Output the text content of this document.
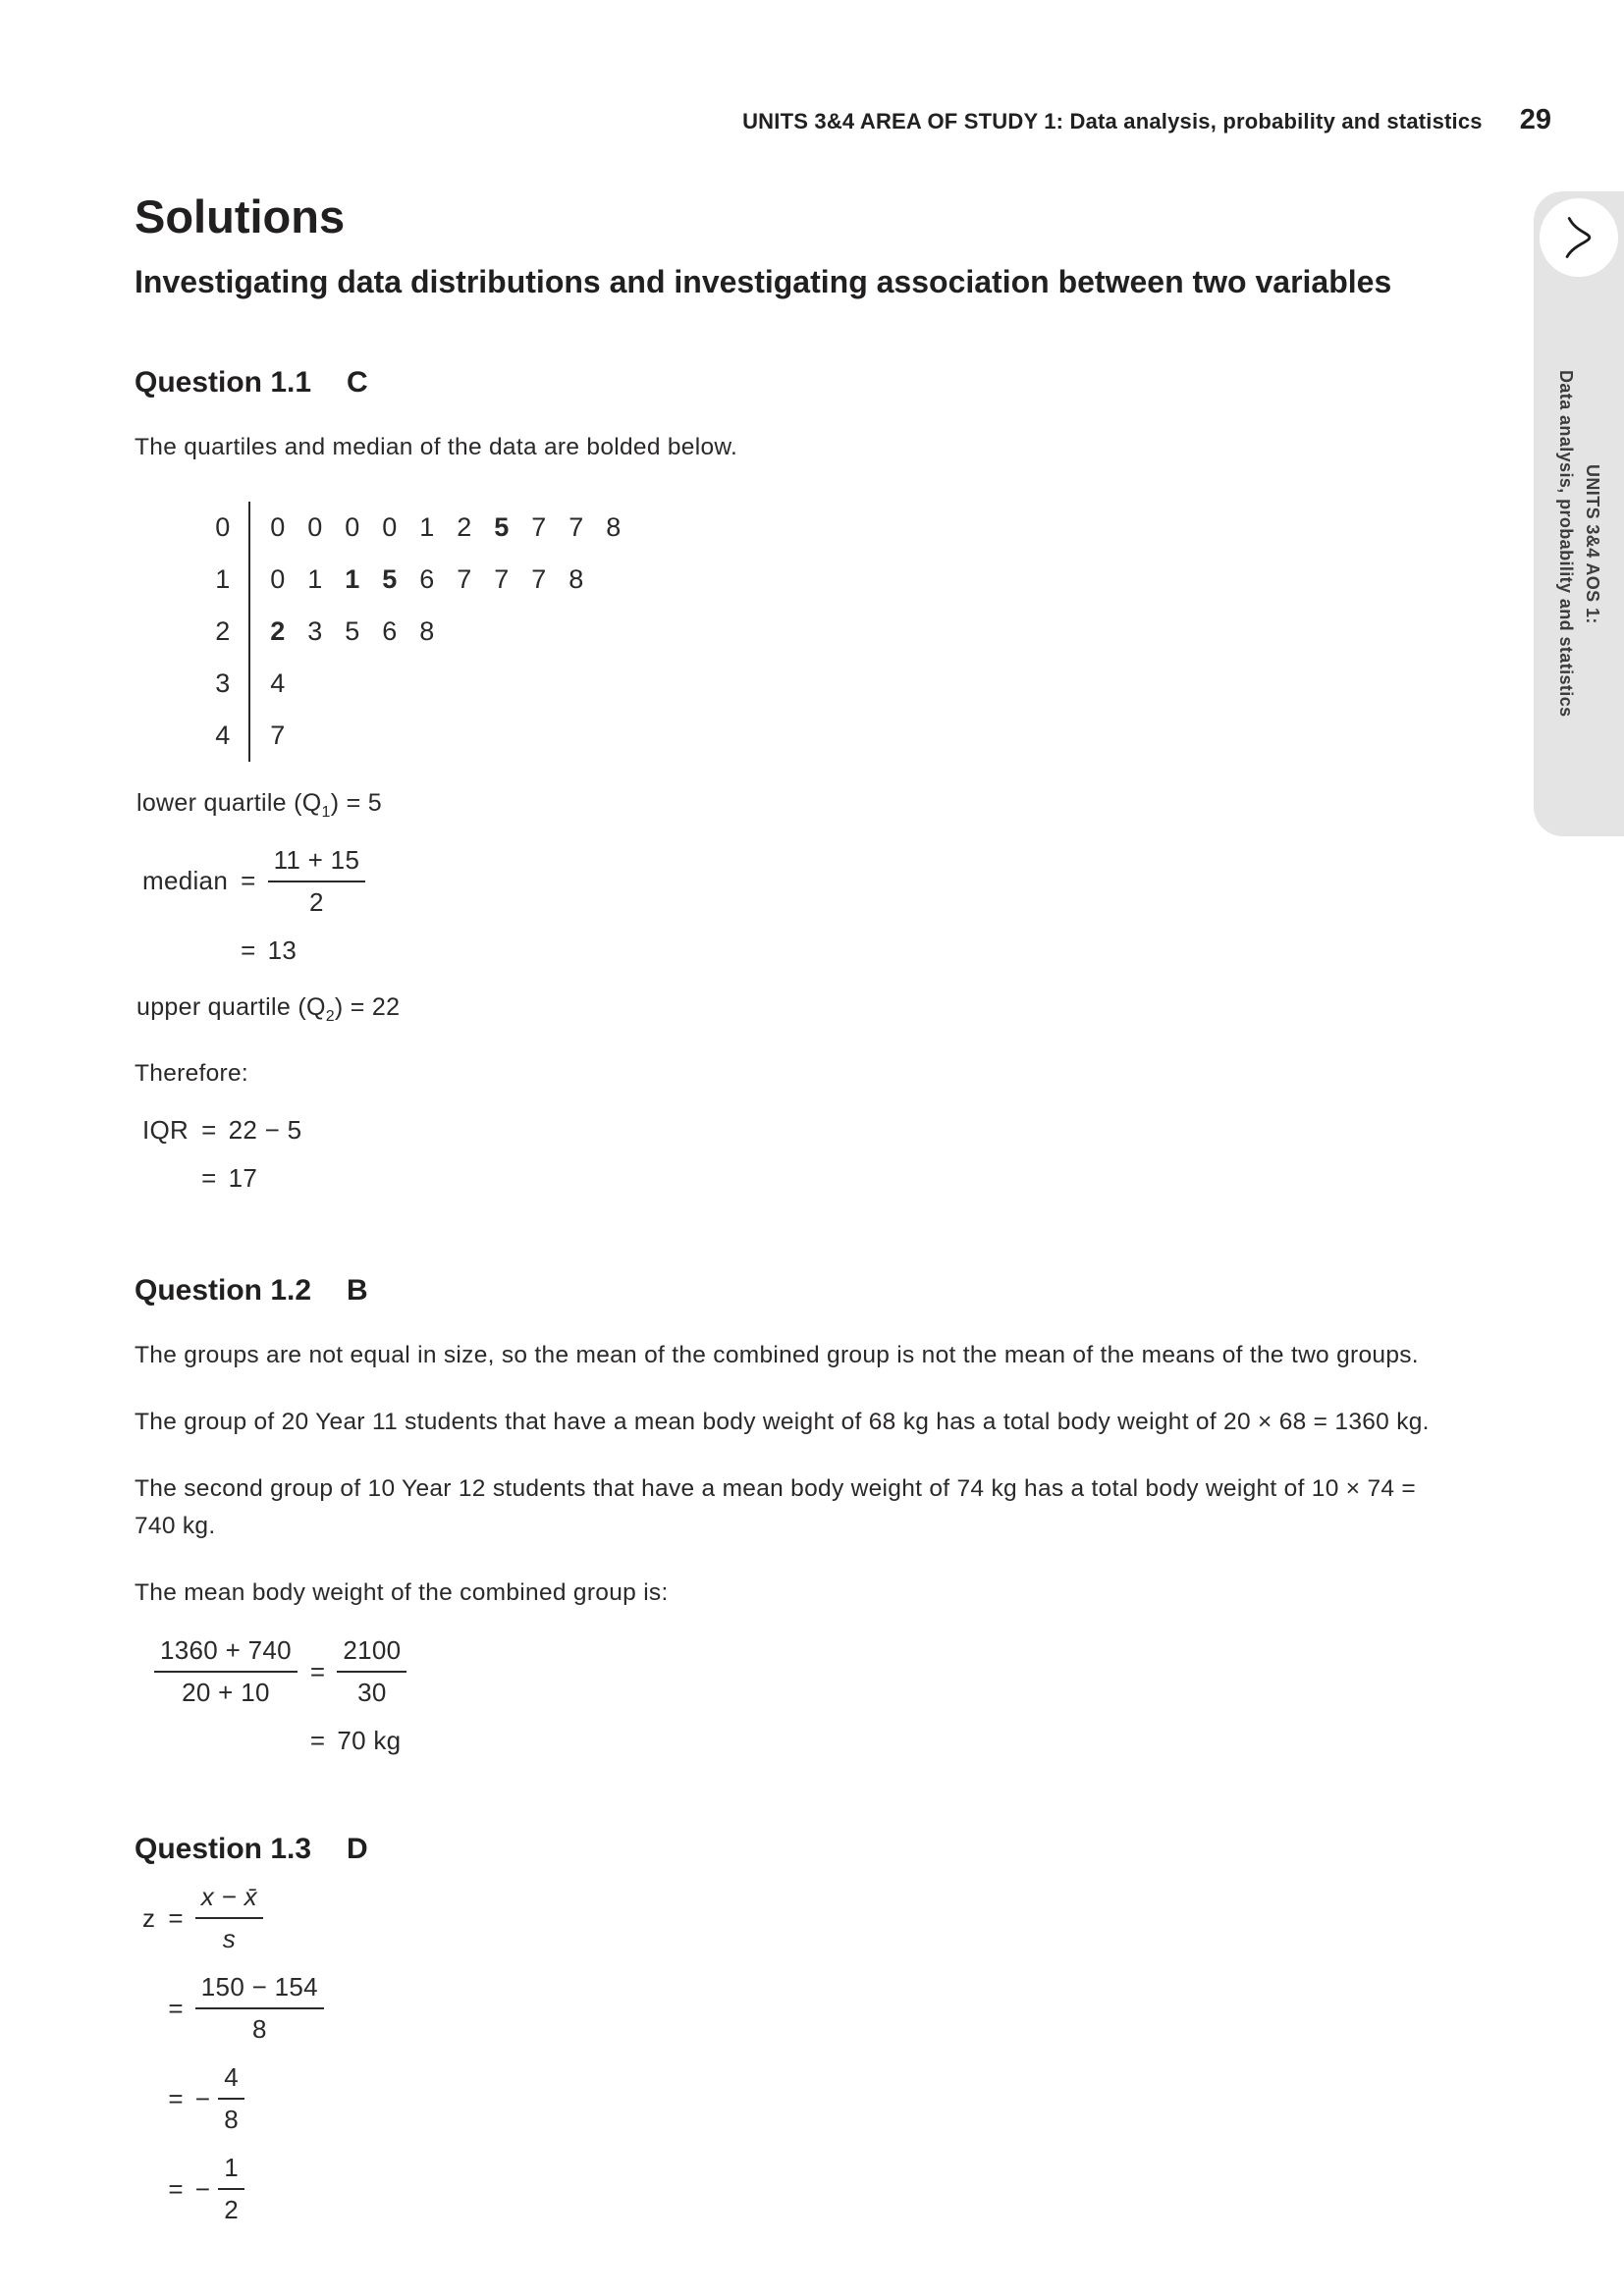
UNITS 3&4 AREA OF STUDY 1: Data analysis, probability and statistics 29
UNITS 3&4 AOS 1:
Data analysis, probability and statistics
Solutions
Investigating data distributions and investigating association between two variables
Question 1.1 C

The quartiles and median of the data are bolded below.

0	0 0 0 0 1 2 5 7 7 8
1	0 1 1 5 6 7 7 7 8
2	2 3 5 6 8
3	4
4	7

lower quartile $(Q_1) = 5$

median = $\frac{11 + 15}{2}$
= 13

upper quartile $(Q_2) = 22$

Therefore:

IQR = 22 − 5
= 17
Question 1.2 B

The groups are not equal in size, so the mean of the combined group is not the mean of the means of the two groups.

The group of 20 Year 11 students that have a mean body weight of 68 kg has a total body weight of 20 × 68 = 1360 kg.

The second group of 10 Year 12 students that have a mean body weight of 74 kg has a total body weight of 10 × 74 = 740 kg.

The mean body weight of the combined group is:

$\frac{1360 + 740}{20 + 10} = \frac{2100}{30}$
= 70 kg
Question 1.3 D
$z = \frac{x - x̄}{s}$
= $\frac{150 - 154}{8}$
= − $\frac{4}{8}$
= − $\frac{1}{2}$
